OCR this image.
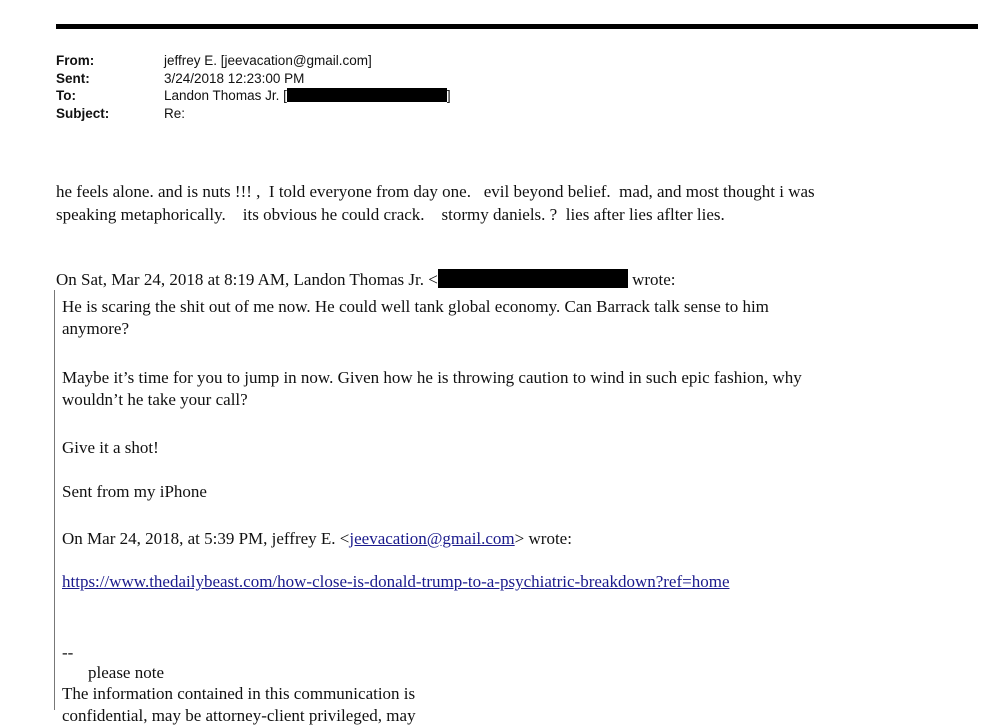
From:	jeffrey E. [jeevacation@gmail.com]
Sent:	3/24/2018 12:23:00 PM
To:	Landon Thomas Jr. [	]
Subject:	Re:
he feels alone. and is nuts !!! ,  I told everyone from day one.   evil beyond belief.  mad, and most thought i was
speaking metaphorically.    its obvious he could crack.    stormy daniels. ?  lies after lies aflter lies.
On Sat, Mar 24, 2018 at 8:19 AM, Landon Thomas Jr. <	wrote:
He is scaring the shit out of me now. He could well tank global economy. Can Barrack talk sense to him
anymore?
Maybe it’s time for you to jump in now. Given how he is throwing caution to wind in such epic fashion, why
wouldn’t he take your call?
Give it a shot!
Sent from my iPhone
On Mar 24, 2018, at 5:39 PM, jeffrey E. <jeevacation@gmail.com> wrote:
https://www.thedailybeast.com/how-close-is-donald-trump-to-a-psychiatric-breakdown?ref=home
--
please note
The information contained in this communication is
confidential, may be attorney-client privileged, may
